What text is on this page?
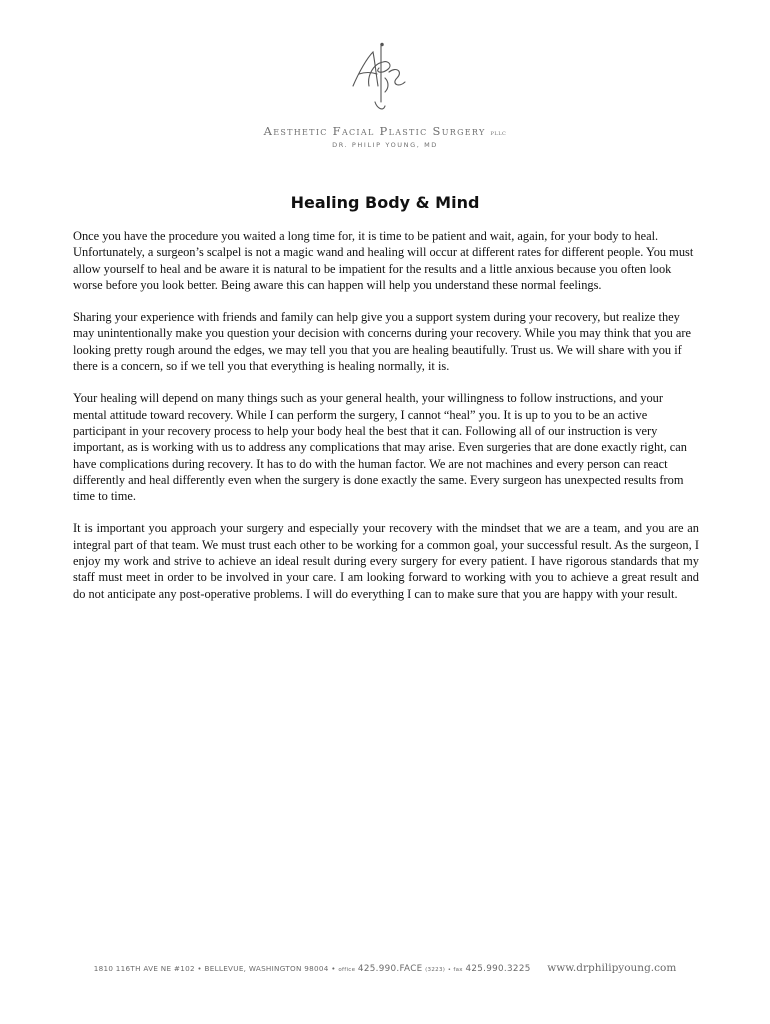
Aesthetic Facial Plastic Surgery pllc
DR. PHILIP YOUNG, MD
Healing Body & Mind

Once you have the procedure you waited a long time for, it is time to be patient and wait, again, for your body to heal. Unfortunately, a surgeon’s scalpel is not a magic wand and healing will occur at different rates for different people. You must allow yourself to heal and be aware it is natural to be impatient for the results and a little anxious because you often look worse before you look better. Being aware this can happen will help you understand these normal feelings.

Sharing your experience with friends and family can help give you a support system during your recovery, but realize they may unintentionally make you question your decision with concerns during your recovery. While you may think that you are looking pretty rough around the edges, we may tell you that you are healing beautifully. Trust us. We will share with you if there is a concern, so if we tell you that everything is healing normally, it is.

Your healing will depend on many things such as your general health, your willingness to follow instructions, and your mental attitude toward recovery. While I can perform the surgery, I cannot “heal” you. It is up to you to be an active participant in your recovery process to help your body heal the best that it can. Following all of our instruction is very important, as is working with us to address any complications that may arise. Even surgeries that are done exactly right, can have complications during recovery. It has to do with the human factor. We are not machines and every person can react differently and heal differently even when the surgery is done exactly the same. Every surgeon has unexpected results from time to time.

It is important you approach your surgery and especially your recovery with the mindset that we are a team, and you are an integral part of that team. We must trust each other to be working for a common goal, your successful result. As the surgeon, I enjoy my work and strive to achieve an ideal result during every surgery for every patient. I have rigorous standards that my staff must meet in order to be involved in your care. I am looking forward to working with you to achieve a great result and do not anticipate any post-operative problems. I will do everything I can to make sure that you are happy with your result.

1810 116TH AVE NE #102 • BELLEVUE, WASHINGTON 98004 • office 425.990.FACE (3223) • fax 425.990.3225 www.drphilipyoung.com
